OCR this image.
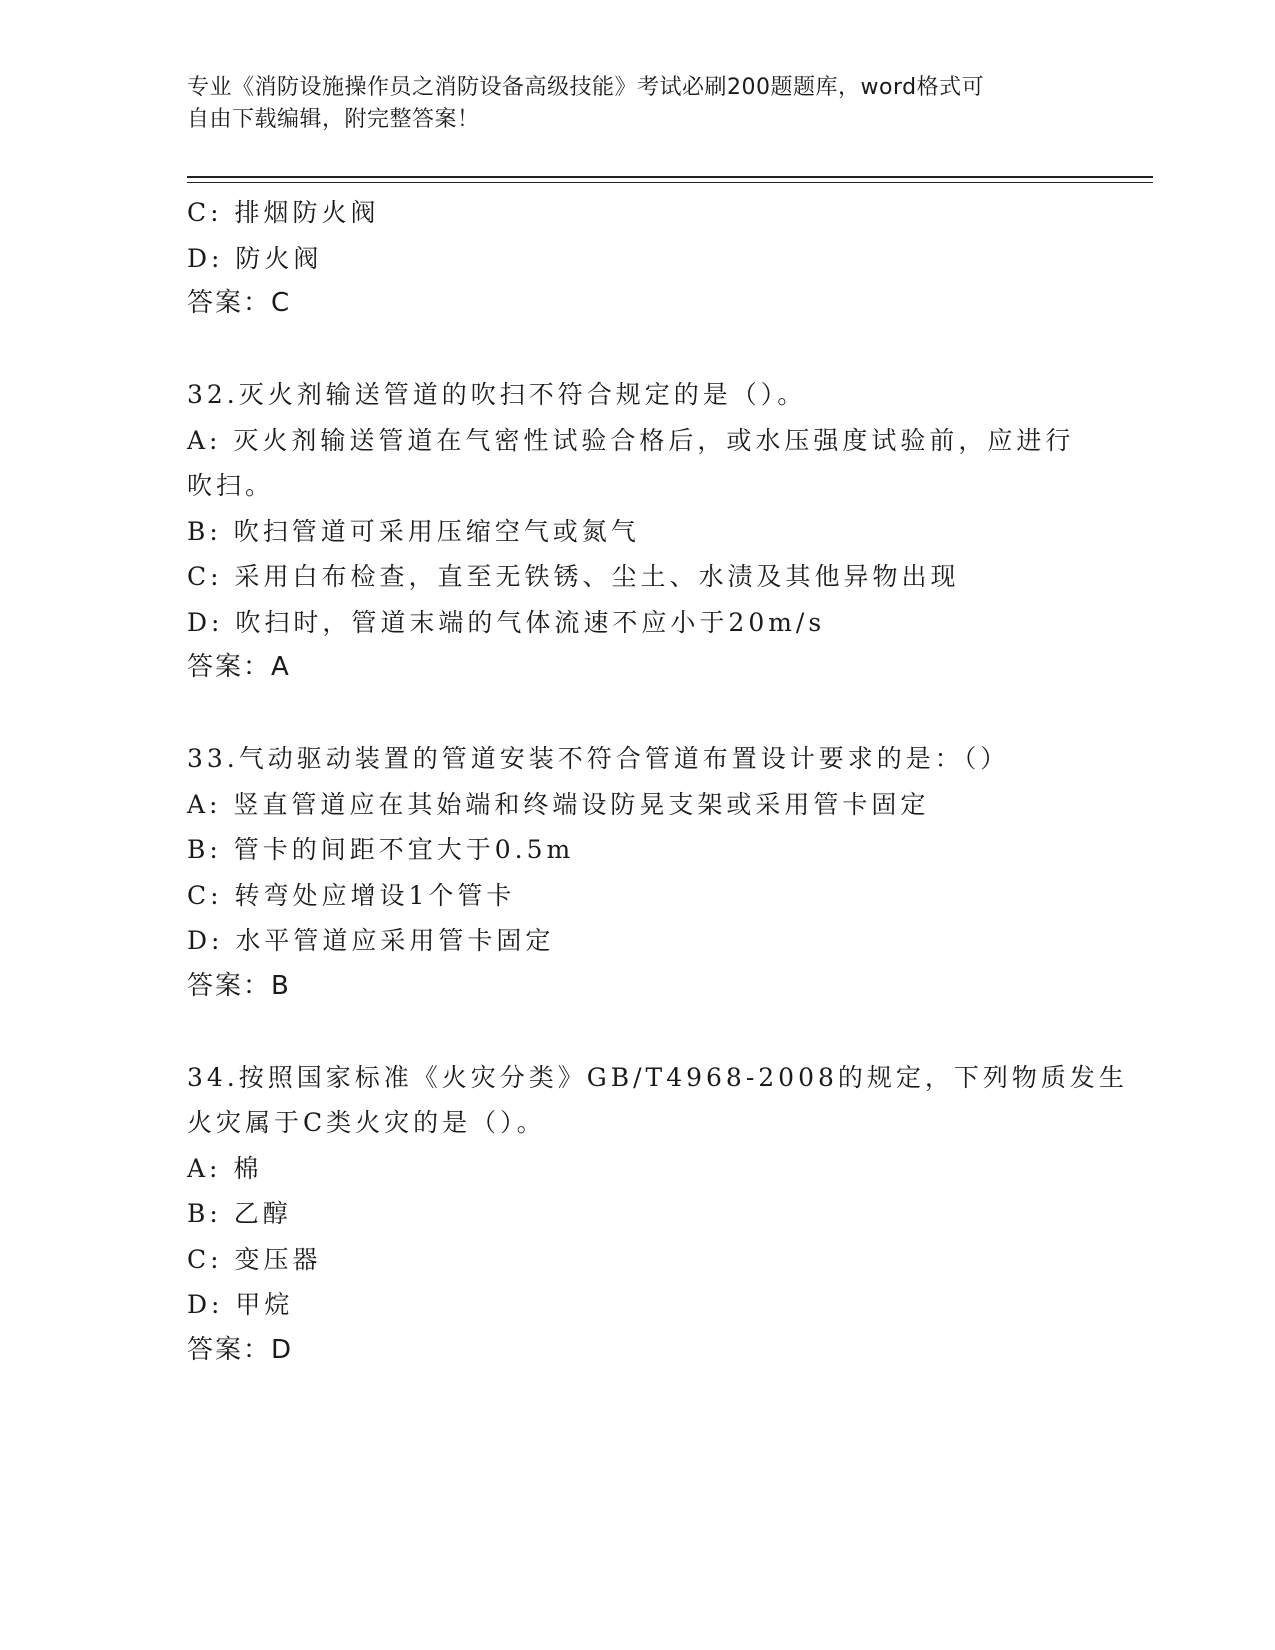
专业《消防设施操作员之消防设备高级技能》考试必刷200题题库，word格式可
自由下载编辑，附完整答案！
C: 排烟防火阀
D: 防火阀
答案：C
32.灭火剂输送管道的吹扫不符合规定的是（）。
A: 灭火剂输送管道在气密性试验合格后，或水压强度试验前，应进行
吹扫。
B: 吹扫管道可采用压缩空气或氮气
C: 采用白布检查，直至无铁锈、尘土、水渍及其他异物出现
D: 吹扫时，管道末端的气体流速不应小于20m/s
答案：A
33.气动驱动装置的管道安装不符合管道布置设计要求的是：（）
A: 竖直管道应在其始端和终端设防晃支架或采用管卡固定
B: 管卡的间距不宜大于0.5m
C: 转弯处应增设1个管卡
D: 水平管道应采用管卡固定
答案：B
34.按照国家标准《火灾分类》GB/T4968-2008的规定，下列物质发生
火灾属于C类火灾的是（）。
A: 棉
B: 乙醇
C: 变压器
D: 甲烷
答案：D
